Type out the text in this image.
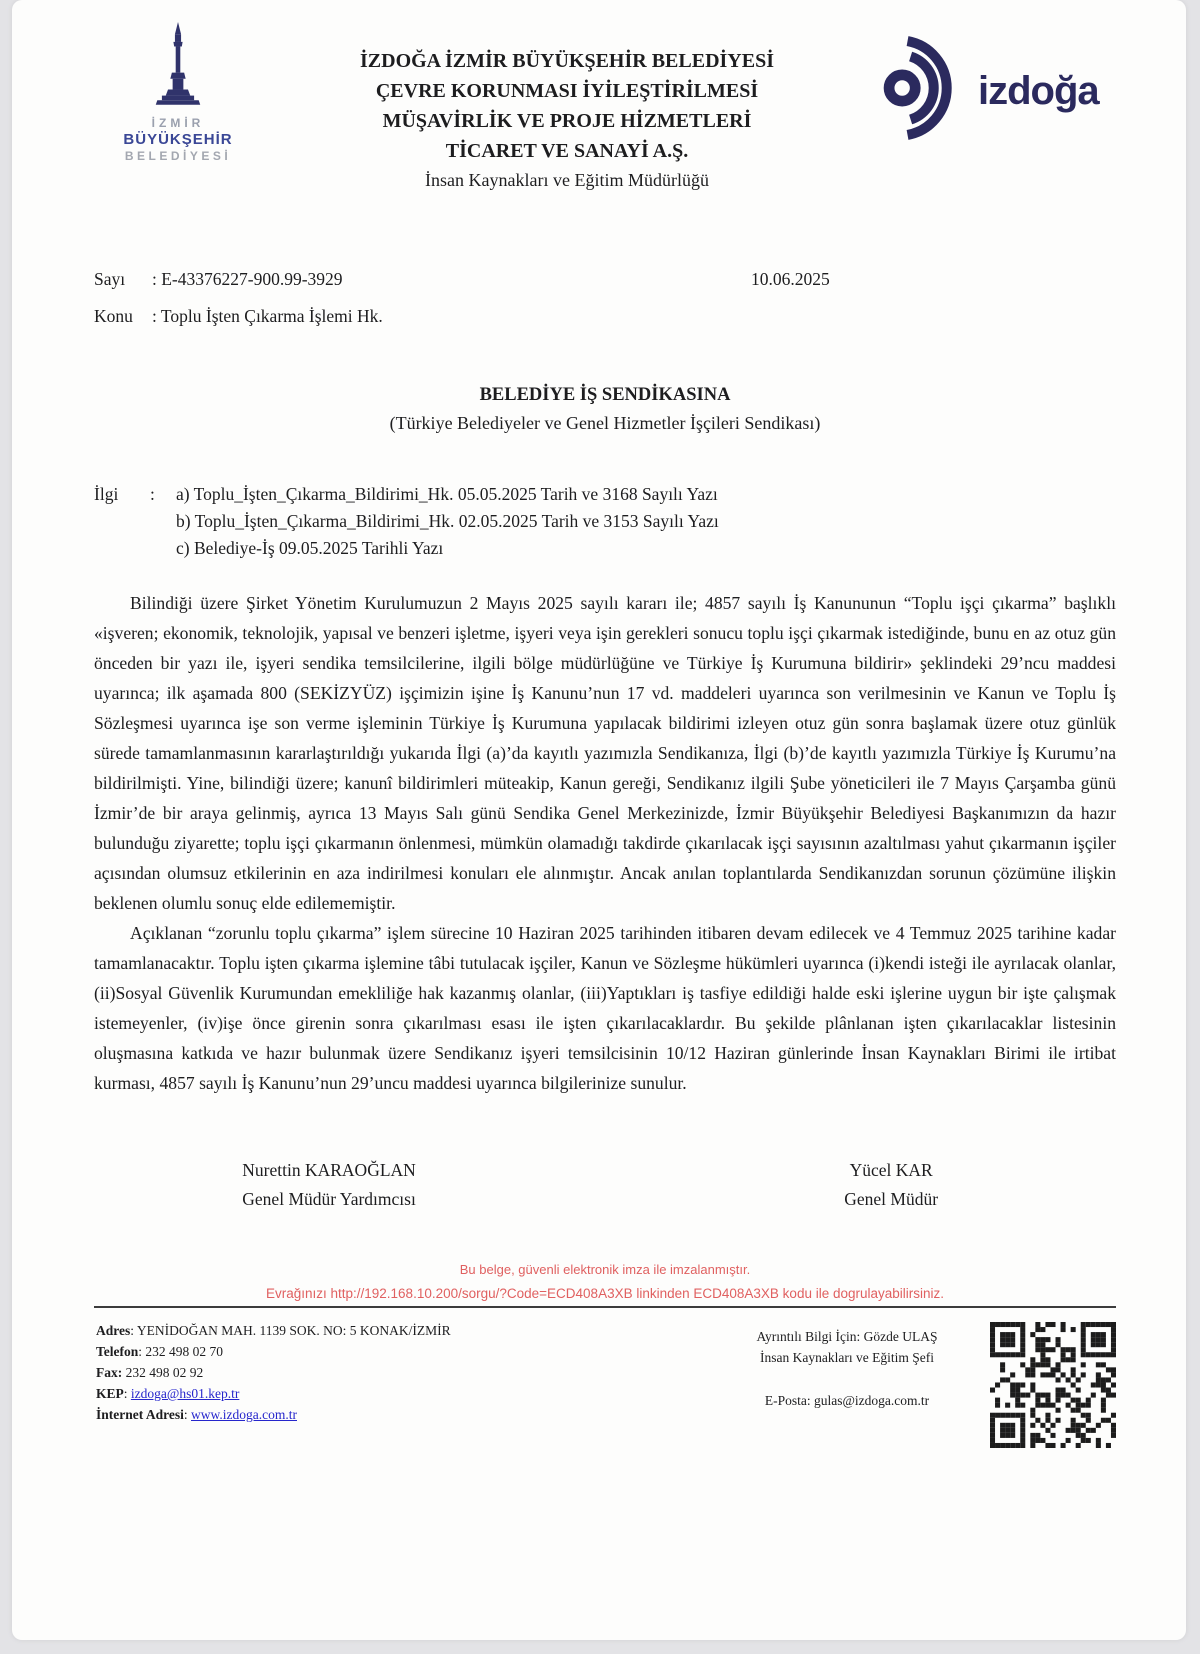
İZMİR
BÜYÜKŞEHİR
BELEDİYESİ
İZDOĞA İZMİR BÜYÜKŞEHİR BELEDİYESİ
ÇEVRE KORUNMASI İYİLEŞTİRİLMESİ
MÜŞAVİRLİK VE PROJE HİZMETLERİ
TİCARET VE SANAYİ A.Ş.
İnsan Kaynakları ve Eğitim Müdürlüğü
izdoğa
Sayı	: E-43376227-900.99-3929	10.06.2025
Konu	: Toplu İşten Çıkarma İşlemi Hk.
BELEDİYE İŞ SENDİKASINA
(Türkiye Belediyeler ve Genel Hizmetler İşçileri Sendikası)
İlgi	:	a) Toplu_İşten_Çıkarma_Bildirimi_Hk. 05.05.2025 Tarih ve 3168 Sayılı Yazı
b) Toplu_İşten_Çıkarma_Bildirimi_Hk. 02.05.2025 Tarih ve 3153 Sayılı Yazı
c) Belediye-İş 09.05.2025 Tarihli Yazı

Bilindiği üzere Şirket Yönetim Kurulumuzun 2 Mayıs 2025 sayılı kararı ile; 4857 sayılı İş Kanununun “Toplu işçi çıkarma” başlıklı «işveren; ekonomik, teknolojik, yapısal ve benzeri işletme, işyeri veya işin gerekleri sonucu toplu işçi çıkarmak istediğinde, bunu en az otuz gün önceden bir yazı ile, işyeri sendika temsilcilerine, ilgili bölge müdürlüğüne ve Türkiye İş Kurumuna bildirir» şeklindeki 29’ncu maddesi uyarınca; ilk aşamada 800 (SEKİZYÜZ) işçimizin işine İş Kanunu’nun 17 vd. maddeleri uyarınca son verilmesinin ve Kanun ve Toplu İş Sözleşmesi uyarınca işe son verme işleminin Türkiye İş Kurumuna yapılacak bildirimi izleyen otuz gün sonra başlamak üzere otuz günlük sürede tamamlanmasının kararlaştırıldığı yukarıda İlgi (a)’da kayıtlı yazımızla Sendikanıza, İlgi (b)’de kayıtlı yazımızla Türkiye İş Kurumu’na bildirilmişti. Yine, bilindiği üzere; kanunî bildirimleri müteakip, Kanun gereği, Sendikanız ilgili Şube yöneticileri ile 7 Mayıs Çarşamba günü İzmir’de bir araya gelinmiş, ayrıca 13 Mayıs Salı günü Sendika Genel Merkezinizde, İzmir Büyükşehir Belediyesi Başkanımızın da hazır bulunduğu ziyarette; toplu işçi çıkarmanın önlenmesi, mümkün olamadığı takdirde çıkarılacak işçi sayısının azaltılması yahut çıkarmanın işçiler açısından olumsuz etkilerinin en aza indirilmesi konuları ele alınmıştır. Ancak anılan toplantılarda Sendikanızdan sorunun çözümüne ilişkin beklenen olumlu sonuç elde edilememiştir.

Açıklanan “zorunlu toplu çıkarma” işlem sürecine 10 Haziran 2025 tarihinden itibaren devam edilecek ve 4 Temmuz 2025 tarihine kadar tamamlanacaktır. Toplu işten çıkarma işlemine tâbi tutulacak işçiler, Kanun ve Sözleşme hükümleri uyarınca (i)kendi isteği ile ayrılacak olanlar, (ii)Sosyal Güvenlik Kurumundan emekliliğe hak kazanmış olanlar, (iii)Yaptıkları iş tasfiye edildiği halde eski işlerine uygun bir işte çalışmak istemeyenler, (iv)işe önce girenin sonra çıkarılması esası ile işten çıkarılacaklardır. Bu şekilde plânlanan işten çıkarılacaklar listesinin oluşmasına katkıda ve hazır bulunmak üzere Sendikanız işyeri temsilcisinin 10/12 Haziran günlerinde İnsan Kaynakları Birimi ile irtibat kurması, 4857 sayılı İş Kanunu’nun 29’uncu maddesi uyarınca bilgilerinize sunulur.

Nurettin KARAOĞLAN
Genel Müdür Yardımcısı
Yücel KAR
Genel Müdür
Bu belge, güvenli elektronik imza ile imzalanmıştır.
Evrağınızı http://192.168.10.200/sorgu/?Code=ECD408A3XB linkinden ECD408A3XB kodu ile dogrulayabilirsiniz.
Adres: YENİDOĞAN MAH. 1139 SOK. NO: 5 KONAK/İZMİR
Telefon: 232 498 02 70
Fax: 232 498 02 92
KEP: izdoga@hs01.kep.tr
İnternet Adresi: www.izdoga.com.tr
Ayrıntılı Bilgi İçin: Gözde ULAŞ
İnsan Kaynakları ve Eğitim Şefi
E-Posta: gulas@izdoga.com.tr
